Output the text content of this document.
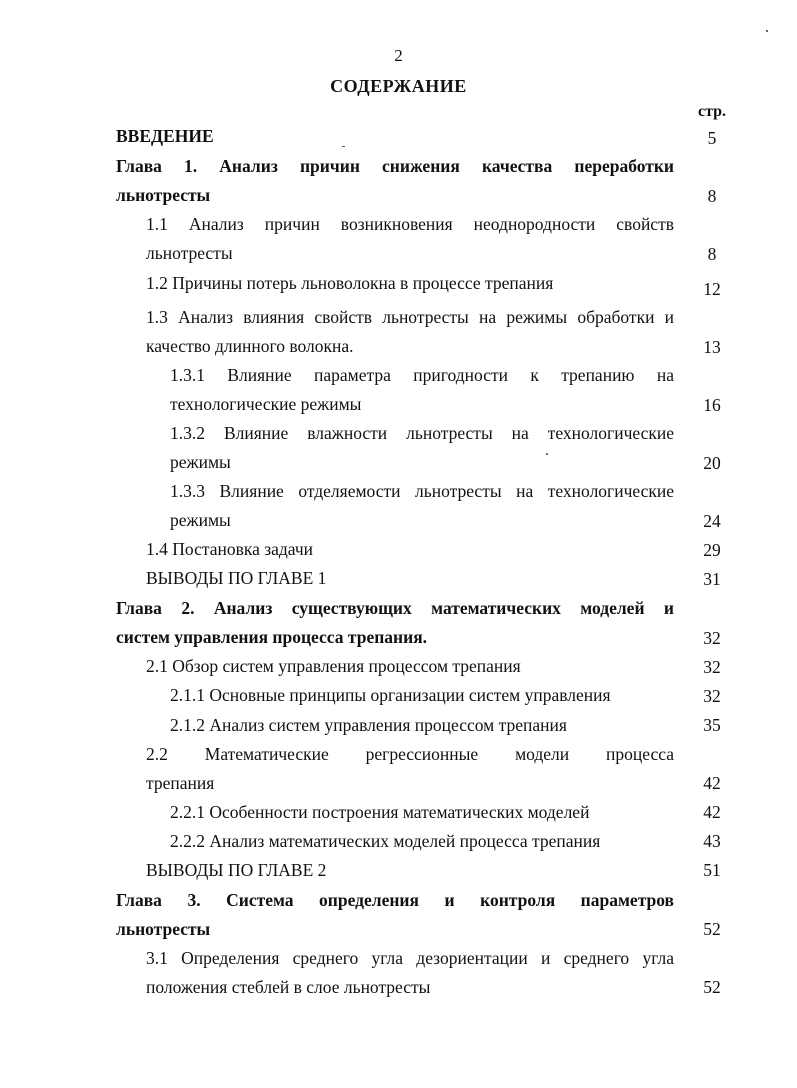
2
СОДЕРЖАНИЕ
стр.
ВВЕДЕНИЕ	5
Глава 1. Анализ причин снижения качества переработки
льнотресты	8
1.1 Анализ причин возникновения неоднородности свойств
льнотресты	8
1.2 Причины потерь льноволокна в процессе трепания	12
1.3 Анализ влияния свойств льнотресты на режимы обработки и
качество длинного волокна.	13
1.3.1 Влияние параметра пригодности к трепанию на
технологические режимы	16
1.3.2 Влияние влажности льнотресты на технологические
режимы	20
1.3.3 Влияние отделяемости льнотресты на технологические
режимы	24
1.4 Постановка задачи	29
ВЫВОДЫ ПО ГЛАВЕ 1	31
Глава 2. Анализ существующих математических моделей и
систем управления процесса трепания.	32
2.1 Обзор систем управления процессом трепания	32
2.1.1 Основные принципы организации систем управления	32
2.1.2 Анализ систем управления процессом трепания	35
2.2 Математические регрессионные модели процесса
трепания	42
2.2.1 Особенности построения математических моделей	42
2.2.2 Анализ математических моделей процесса трепания	43
ВЫВОДЫ ПО ГЛАВЕ 2	51
Глава 3. Система определения и контроля параметров
льнотресты	52
3.1 Определения среднего угла дезориентации и среднего угла
положения стеблей в слое льнотресты	52
